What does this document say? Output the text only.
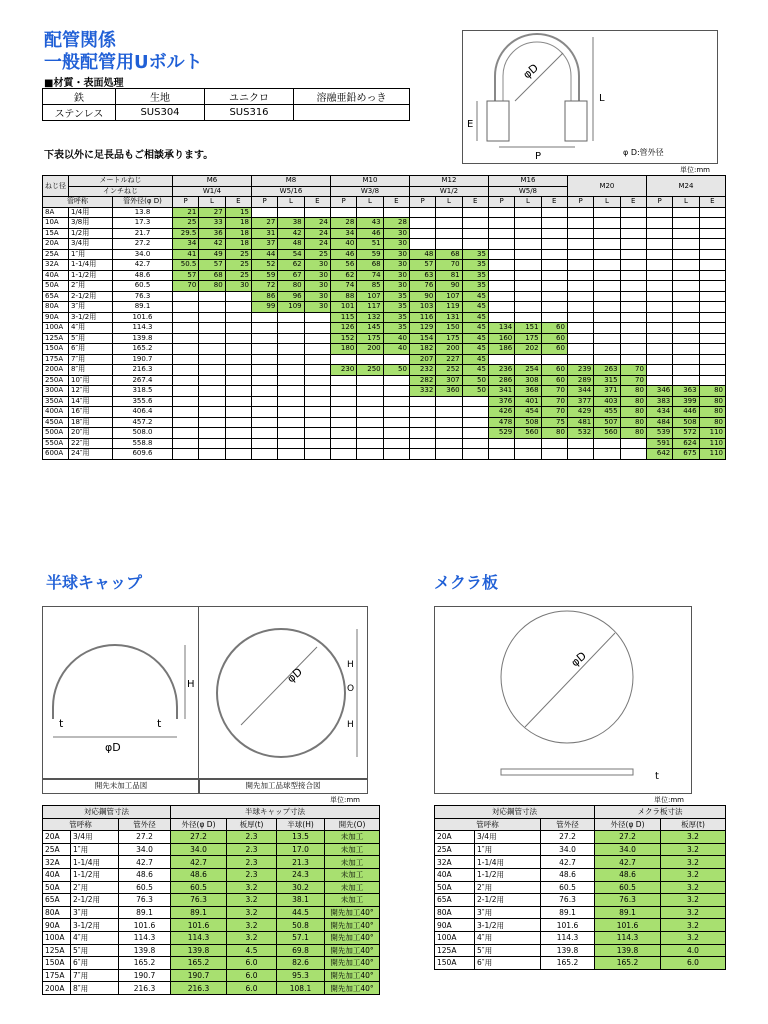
配管関係
一般配管用Uボルト
■材質・表面処理
鉄	生地	ユニクロ	溶融亜鉛めっき
ステンレス	SUS304	SUS316	
下表以外に足長品もご相談承ります。
φD
P
L
E
φ D:管外径
単位:mm
ねじ径	メートルねじ		M6			M8			M10			M12			M16			M20			M24		
	インチねじ		W1/4			W5/16			W3/8			W1/2			W5/8								
管呼称		管外径(φ D)	P	L	E	P	L	E	P	L	E	P	L	E	P	L	E	P	L	E	P	L	E
8A	1/4用	13.8	21	27	15																		
10A	3/8用	17.3	25	33	18	27	38	24	28	43	28												
15A	1/2用	21.7	29.5	36	18	31	42	24	34	46	30												
20A	3/4用	27.2	34	42	18	37	48	24	40	51	30												
25A	1″用	34.0	41	49	25	44	54	25	46	59	30	48	68	35									
32A	1-1/4用	42.7	50.5	57	25	52	62	30	56	68	30	57	70	35									
40A	1-1/2用	48.6	57	68	25	59	67	30	62	74	30	63	81	35									
50A	2″用	60.5	70	80	30	72	80	30	74	85	30	76	90	35									
65A	2-1/2用	76.3				86	96	30	88	107	35	90	107	45									
80A	3″用	89.1				99	109	30	101	117	35	103	119	45									
90A	3-1/2用	101.6							115	132	35	116	131	45									
100A	4″用	114.3							126	145	35	129	150	45	134	151	60						
125A	5″用	139.8							152	175	40	154	175	45	160	175	60						
150A	6″用	165.2							180	200	40	182	200	45	186	202	60						
175A	7″用	190.7										207	227	45									
200A	8″用	216.3							230	250	50	232	252	45	236	254	60	239	263	70			
250A	10″用	267.4										282	307	50	286	308	60	289	315	70			
300A	12″用	318.5										332	360	50	341	368	70	344	371	80	346	363	80
350A	14″用	355.6													376	401	70	377	403	80	383	399	80
400A	16″用	406.4													426	454	70	429	455	80	434	446	80
450A	18″用	457.2													478	508	75	481	507	80	484	508	80
500A	20″用	508.0													529	560	80	532	560	80	539	572	110
550A	22″用	558.8																			591	624	110
600A	24″用	609.6																			642	675	110
半球キャップ
t	t
φD
H	φD
H
O
H
開先未加工品図	開先加工品球型接合図
単位:mm
対応鋼管寸法			半球キャップ寸法			
管呼称		管外径	外径(φ D)	板厚(t)	半球(H)	開先(O)
20A	3/4用	27.2	27.2	2.3	13.5	未加工
25A	1″用	34.0	34.0	2.3	17.0	未加工
32A	1-1/4用	42.7	42.7	2.3	21.3	未加工
40A	1-1/2用	48.6	48.6	2.3	24.3	未加工
50A	2″用	60.5	60.5	3.2	30.2	未加工
65A	2-1/2用	76.3	76.3	3.2	38.1	未加工
80A	3″用	89.1	89.1	3.2	44.5	開先加工40°
90A	3-1/2用	101.6	101.6	3.2	50.8	開先加工40°
100A	4″用	114.3	114.3	3.2	57.1	開先加工40°
125A	5″用	139.8	139.8	4.5	69.8	開先加工40°
150A	6″用	165.2	165.2	6.0	82.6	開先加工40°
175A	7″用	190.7	190.7	6.0	95.3	開先加工40°
200A	8″用	216.3	216.3	6.0	108.1	開先加工40°
メクラ板
φD
t
単位:mm
対応鋼管寸法			メクラ板寸法	
管呼称		管外径	外径(φ D)	板厚(t)
20A	3/4用	27.2	27.2	3.2
25A	1″用	34.0	34.0	3.2
32A	1-1/4用	42.7	42.7	3.2
40A	1-1/2用	48.6	48.6	3.2
50A	2″用	60.5	60.5	3.2
65A	2-1/2用	76.3	76.3	3.2
80A	3″用	89.1	89.1	3.2
90A	3-1/2用	101.6	101.6	3.2
100A	4″用	114.3	114.3	3.2
125A	5″用	139.8	139.8	4.0
150A	6″用	165.2	165.2	6.0
